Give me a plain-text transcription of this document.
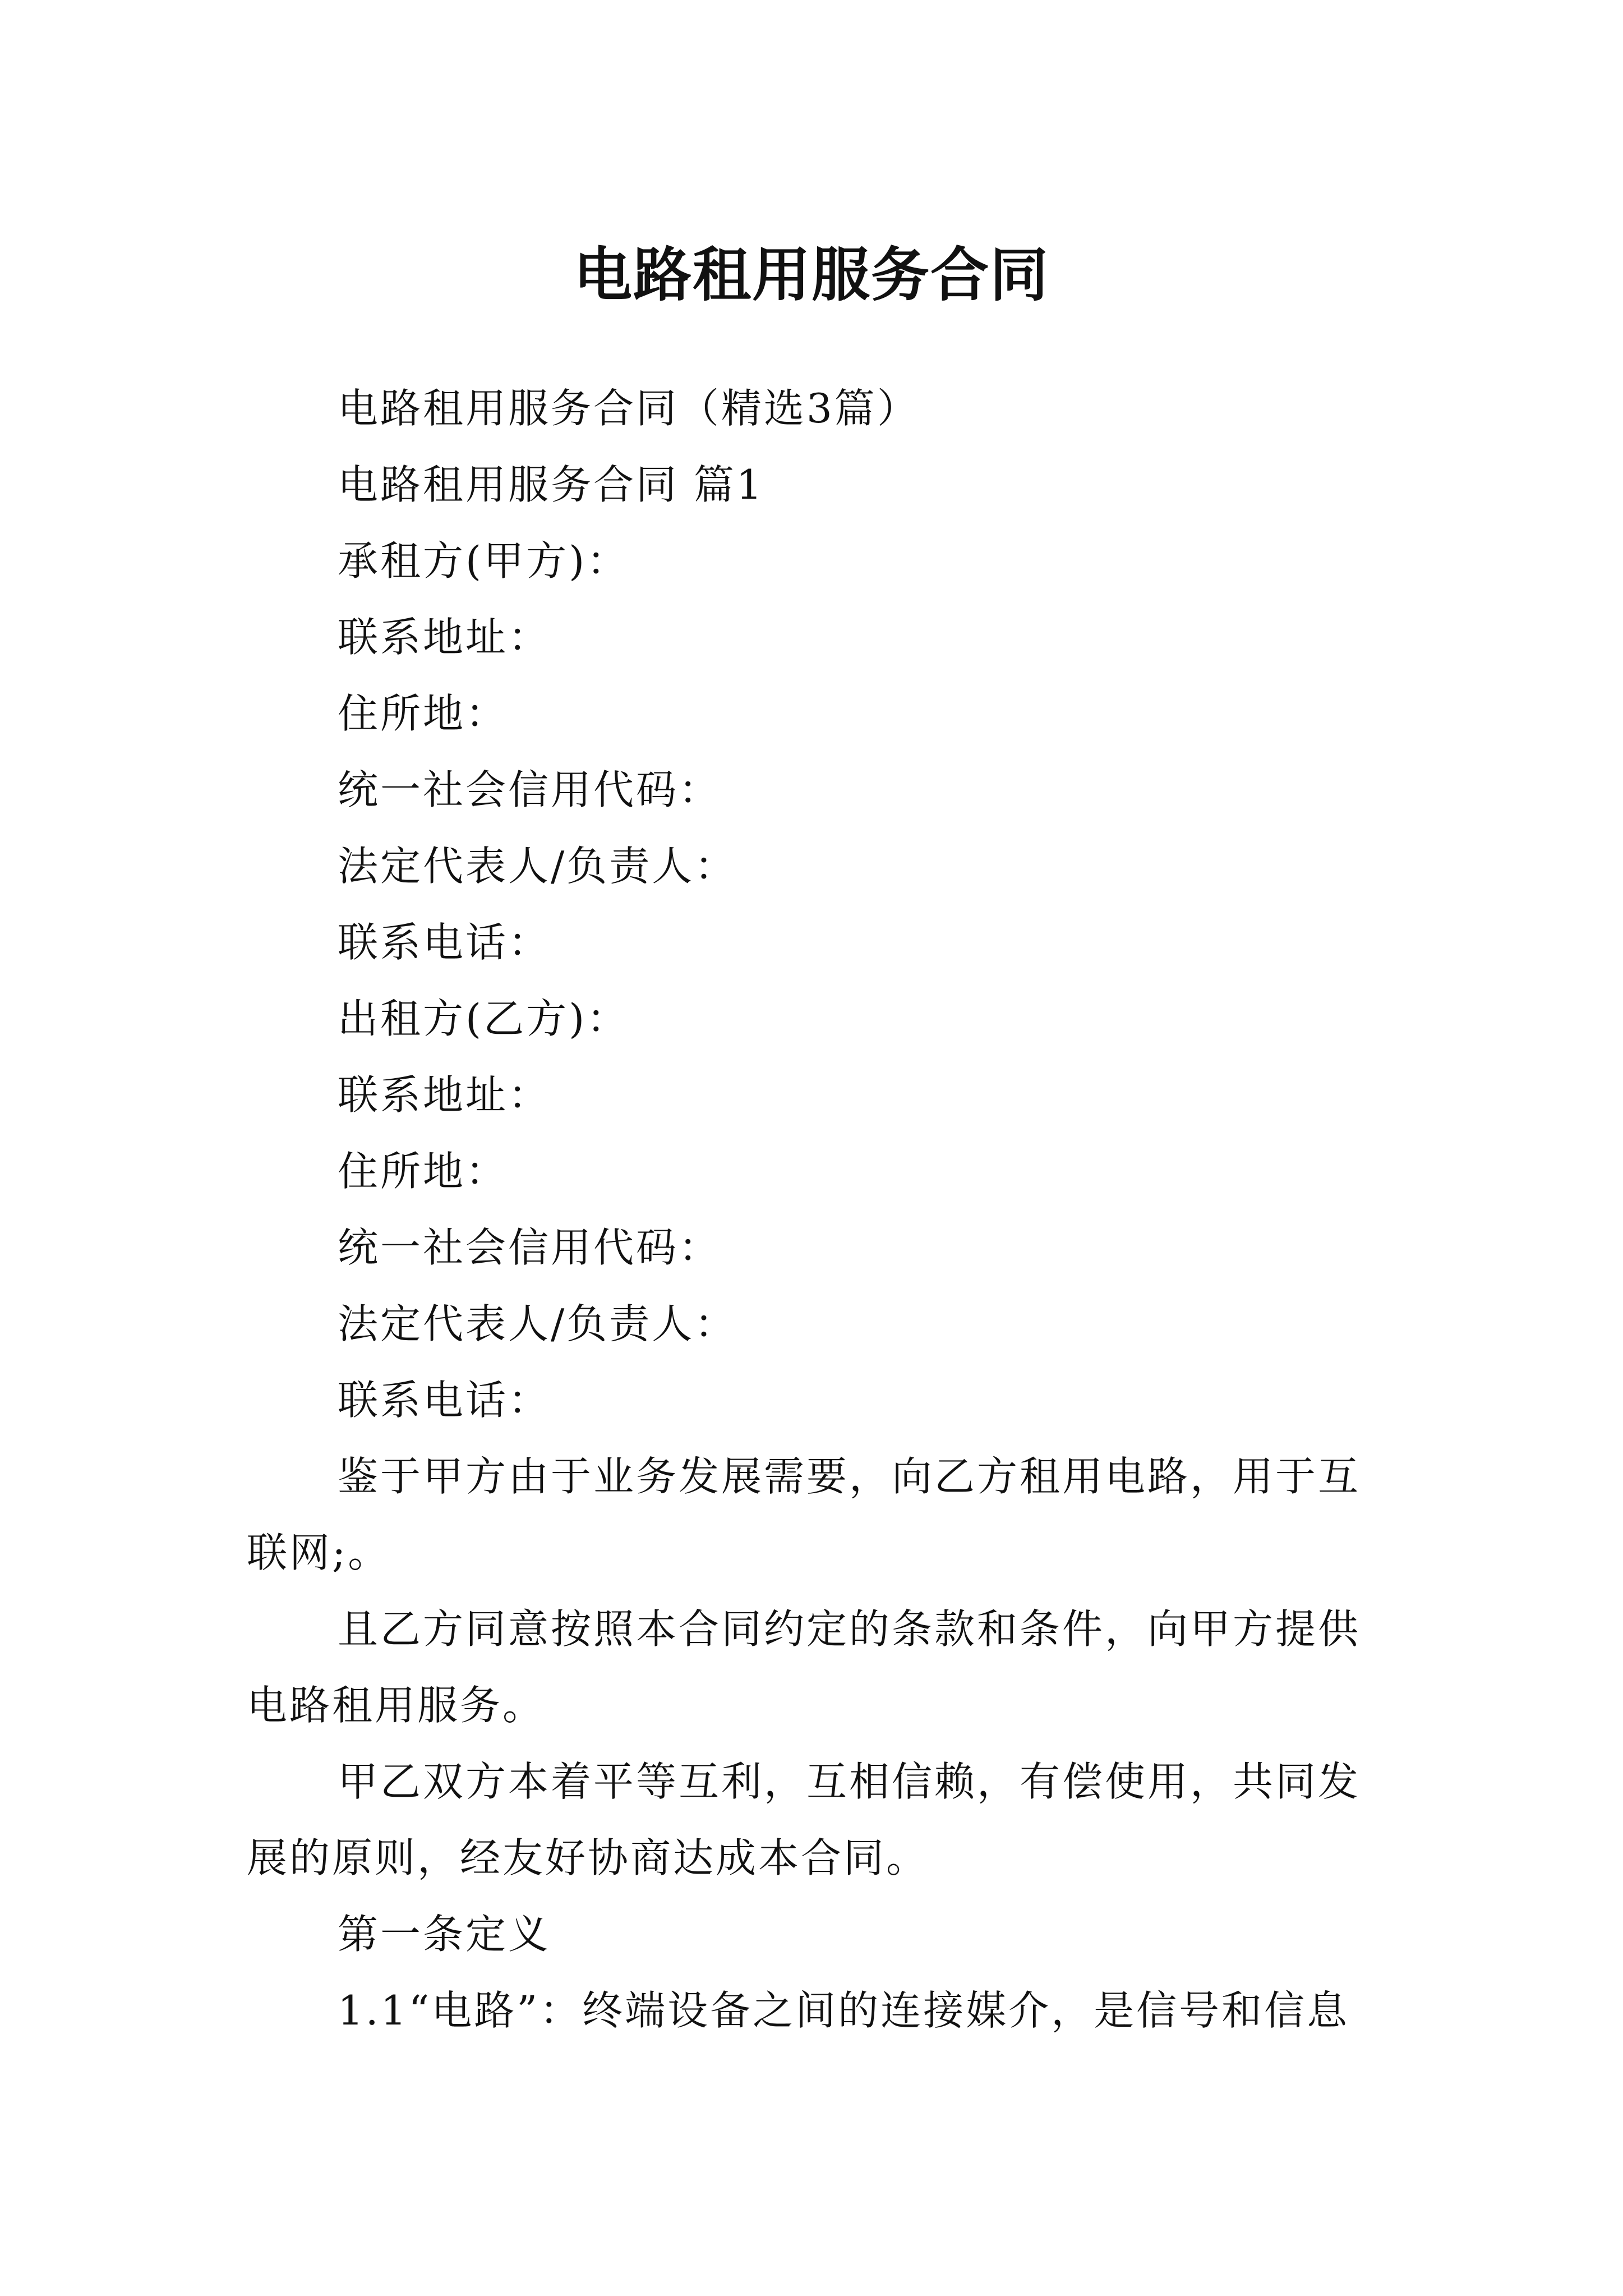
电路租用服务合同

电路租用服务合同（精选3篇）

电路租用服务合同 篇1

承租方(甲方)：

联系地址：

住所地：

统一社会信用代码：

法定代表人/负责人：

联系电话：

出租方(乙方)：

联系地址：

住所地：

统一社会信用代码：

法定代表人/负责人：

联系电话：

鉴于甲方由于业务发展需要，向乙方租用电路，用于互联网;。

且乙方同意按照本合同约定的条款和条件，向甲方提供电路租用服务。

甲乙双方本着平等互利，互相信赖，有偿使用，共同发展的原则，经友好协商达成本合同。

第一条定义

1.1“电路”：终端设备之间的连接媒介，是信号和信息
